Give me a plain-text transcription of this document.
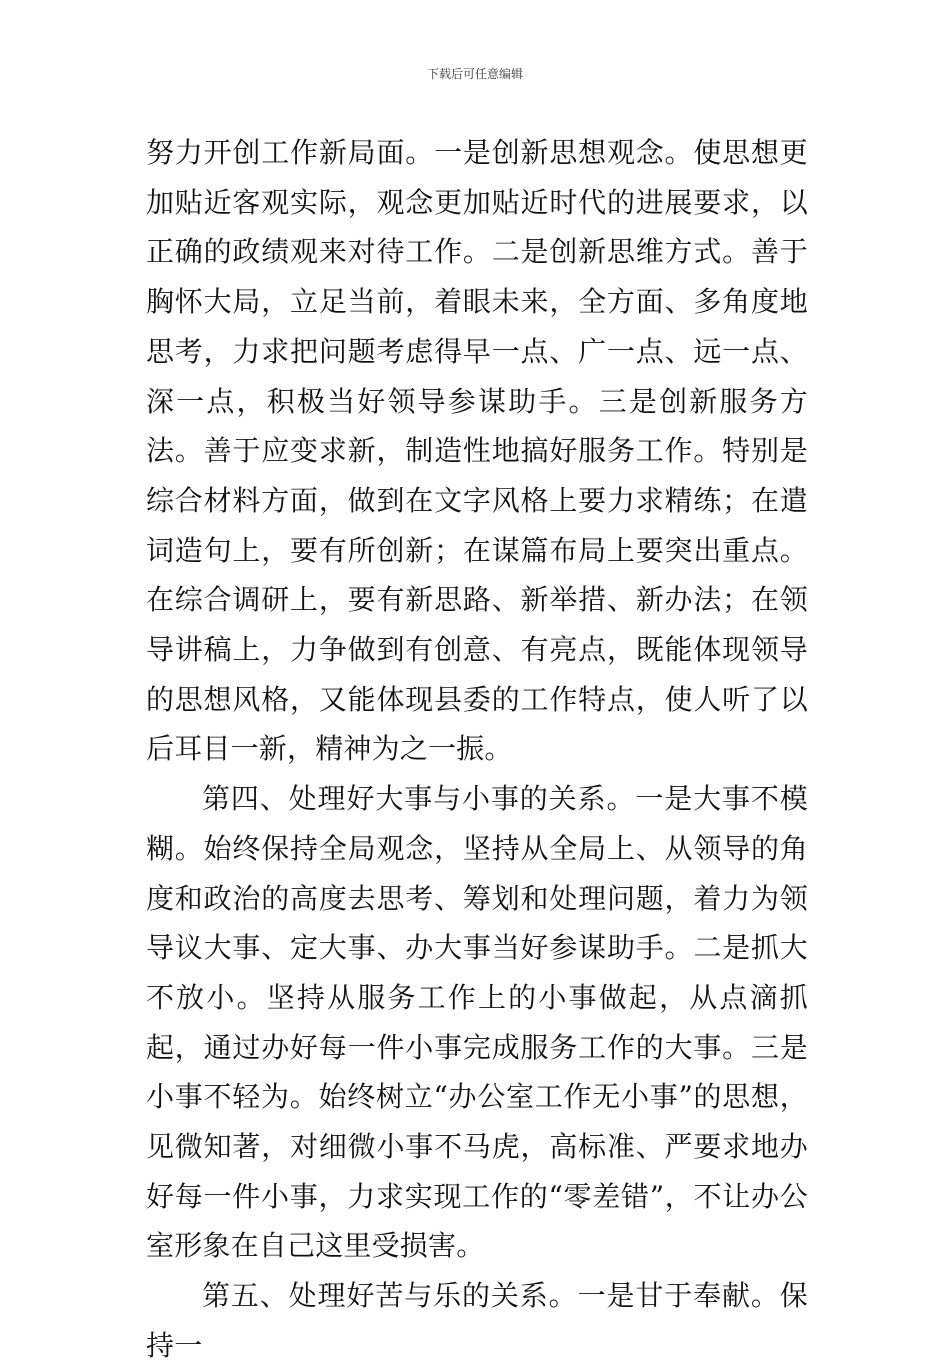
下载后可任意编辑

努力开创工作新局面。一是创新思想观念。使思想更加贴近客观实际，观念更加贴近时代的进展要求，以正确的政绩观来对待工作。二是创新思维方式。善于胸怀大局，立足当前，着眼未来，全方面、多角度地思考，力求把问题考虑得早一点、广一点、远一点、深一点，积极当好领导参谋助手。三是创新服务方法。善于应变求新，制造性地搞好服务工作。特别是综合材料方面，做到在文字风格上要力求精练；在遣词造句上，要有所创新；在谋篇布局上要突出重点。在综合调研上，要有新思路、新举措、新办法；在领导讲稿上，力争做到有创意、有亮点，既能体现领导的思想风格，又能体现县委的工作特点，使人听了以后耳目一新，精神为之一振。

第四、处理好大事与小事的关系。一是大事不模糊。始终保持全局观念，坚持从全局上、从领导的角度和政治的高度去思考、筹划和处理问题，着力为领导议大事、定大事、办大事当好参谋助手。二是抓大不放小。坚持从服务工作上的小事做起，从点滴抓起，通过办好每一件小事完成服务工作的大事。三是小事不轻为。始终树立“办公室工作无小事”的思想，见微知著，对细微小事不马虎，高标准、严要求地办好每一件小事，力求实现工作的“零差错”，不让办公室形象在自己这里受损害。

第五、处理好苦与乐的关系。一是甘于奉献。保持一
